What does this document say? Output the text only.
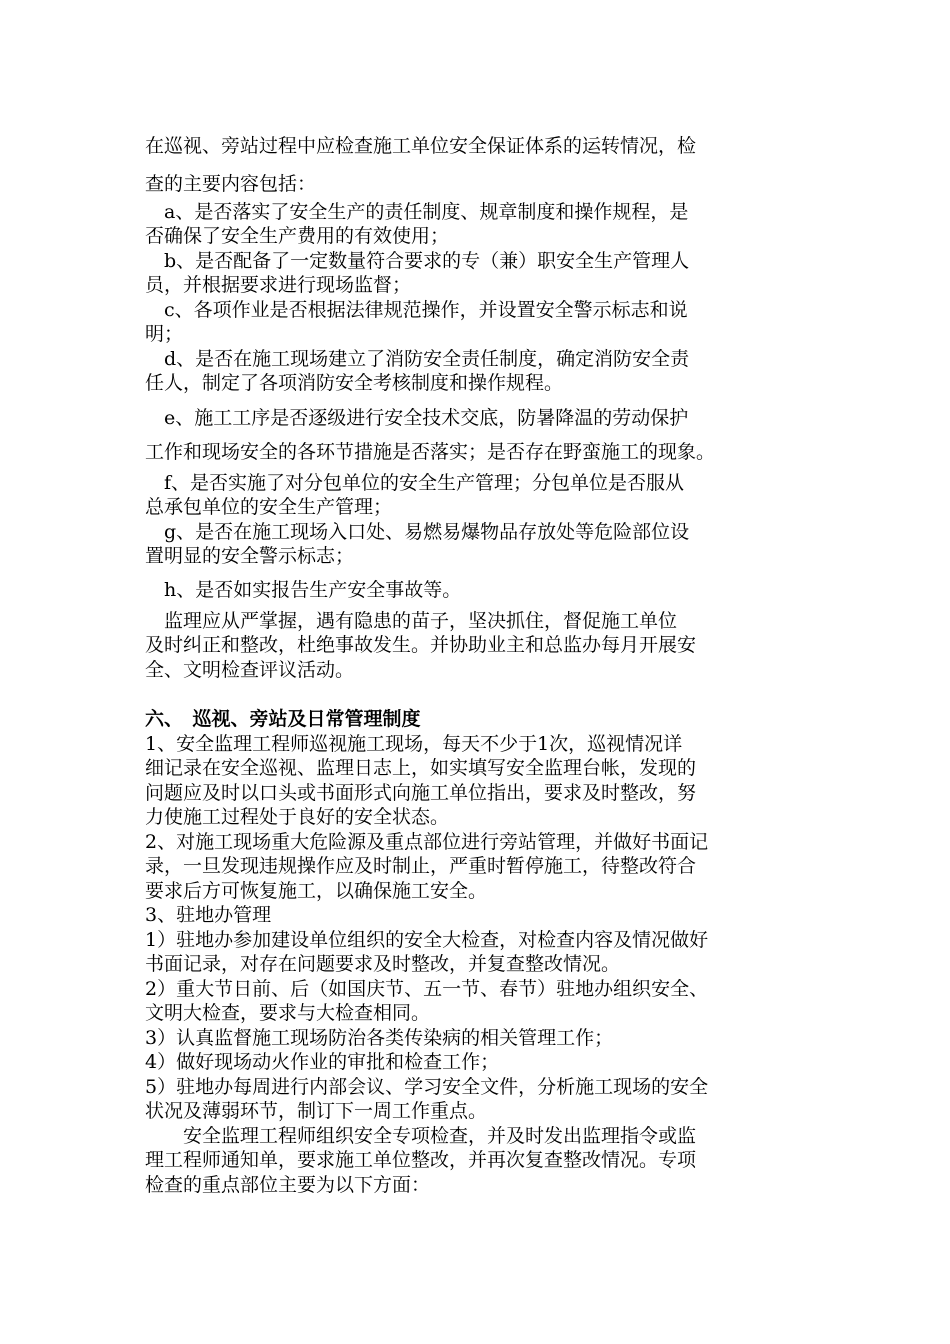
在巡视、旁站过程中应检查施工单位安全保证体系的运转情况，检
查的主要内容包括：
　a、是否落实了安全生产的责任制度、规章制度和操作规程，是
否确保了安全生产费用的有效使用；
　b、是否配备了一定数量符合要求的专（兼）职安全生产管理人
员，并根据要求进行现场监督；
　c、各项作业是否根据法律规范操作，并设置安全警示标志和说
明；
　d、是否在施工现场建立了消防安全责任制度，确定消防安全责
任人，制定了各项消防安全考核制度和操作规程。
　e、施工工序是否逐级进行安全技术交底，防暑降温的劳动保护
工作和现场安全的各环节措施是否落实；是否存在野蛮施工的现象。
　f、是否实施了对分包单位的安全生产管理；分包单位是否服从
总承包单位的安全生产管理；
　g、是否在施工现场入口处、易燃易爆物品存放处等危险部位设
置明显的安全警示标志；
　h、是否如实报告生产安全事故等。
　监理应从严掌握，遇有隐患的苗子，坚决抓住，督促施工单位
及时纠正和整改，杜绝事故发生。并协助业主和总监办每月开展安
全、文明检查评议活动。
六、　巡视、旁站及日常管理制度
1、安全监理工程师巡视施工现场，每天不少于1次，巡视情况详
细记录在安全巡视、监理日志上，如实填写安全监理台帐，发现的
问题应及时以口头或书面形式向施工单位指出，要求及时整改，努
力使施工过程处于良好的安全状态。
2、对施工现场重大危险源及重点部位进行旁站管理，并做好书面记
录，一旦发现违规操作应及时制止，严重时暂停施工，待整改符合
要求后方可恢复施工，以确保施工安全。
3、驻地办管理
1）驻地办参加建设单位组织的安全大检查，对检查内容及情况做好
书面记录，对存在问题要求及时整改，并复查整改情况。
2）重大节日前、后（如国庆节、五一节、春节）驻地办组织安全、
文明大检查，要求与大检查相同。
3）认真监督施工现场防治各类传染病的相关管理工作；
4）做好现场动火作业的审批和检查工作；
5）驻地办每周进行内部会议、学习安全文件，分析施工现场的安全
状况及薄弱环节，制订下一周工作重点。
　　安全监理工程师组织安全专项检查，并及时发出监理指令或监
理工程师通知单，要求施工单位整改，并再次复查整改情况。专项
检查的重点部位主要为以下方面：
